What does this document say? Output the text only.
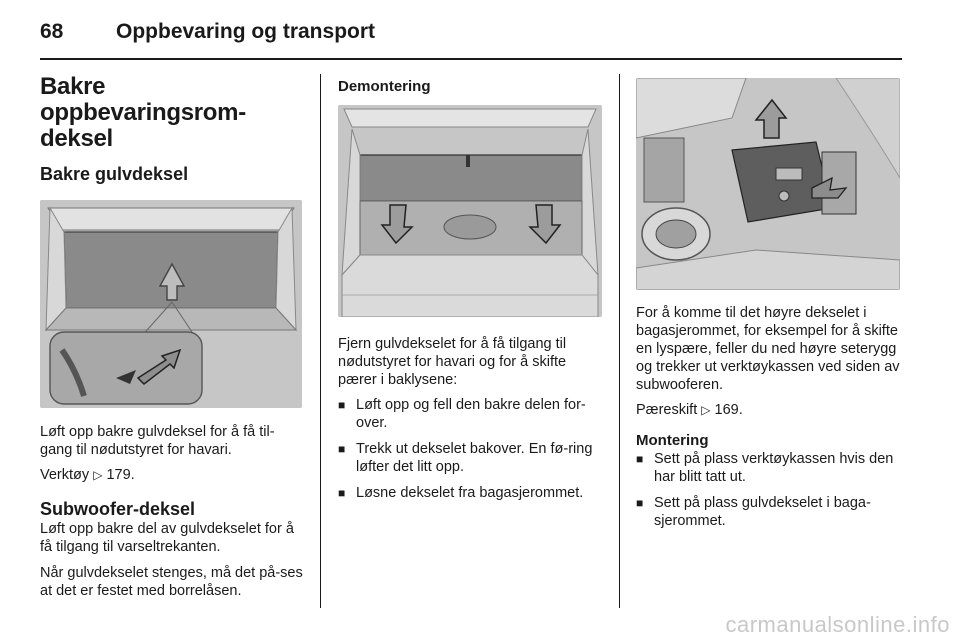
68	Oppbevaring og transport
Bakre oppbevaringsrom-deksel
Bakre gulvdeksel

Løft opp bakre gulvdeksel for å få til-gang til nødutstyret for havari.

Verktøy ▷ 179.

Subwoofer-deksel

Løft opp bakre del av gulvdekselet for å få tilgang til varseltrekanten.

Når gulvdekselet stenges, må det på-ses at det er festet med borrelåsen.

Demontering

Fjern gulvdekselet for å få tilgang til nødutstyret for havari og for å skifte pærer i baklysene:

■ Løft opp og fell den bakre delen for-over.
■ Trekk ut dekselet bakover. En fø-ring løfter det litt opp.
■ Løsne dekselet fra bagasjerommet.

For å komme til det høyre dekselet i bagasjerommet, for eksempel for å skifte en lyspære, feller du ned høyre seterygg og trekker ut verktøykassen ved siden av subwooferen.

Pæreskift ▷ 169.

Montering
■ Sett på plass verktøykassen hvis den har blitt tatt ut.
■ Sett på plass gulvdekselet i baga-sjerommet.
carmanualsonline.info
